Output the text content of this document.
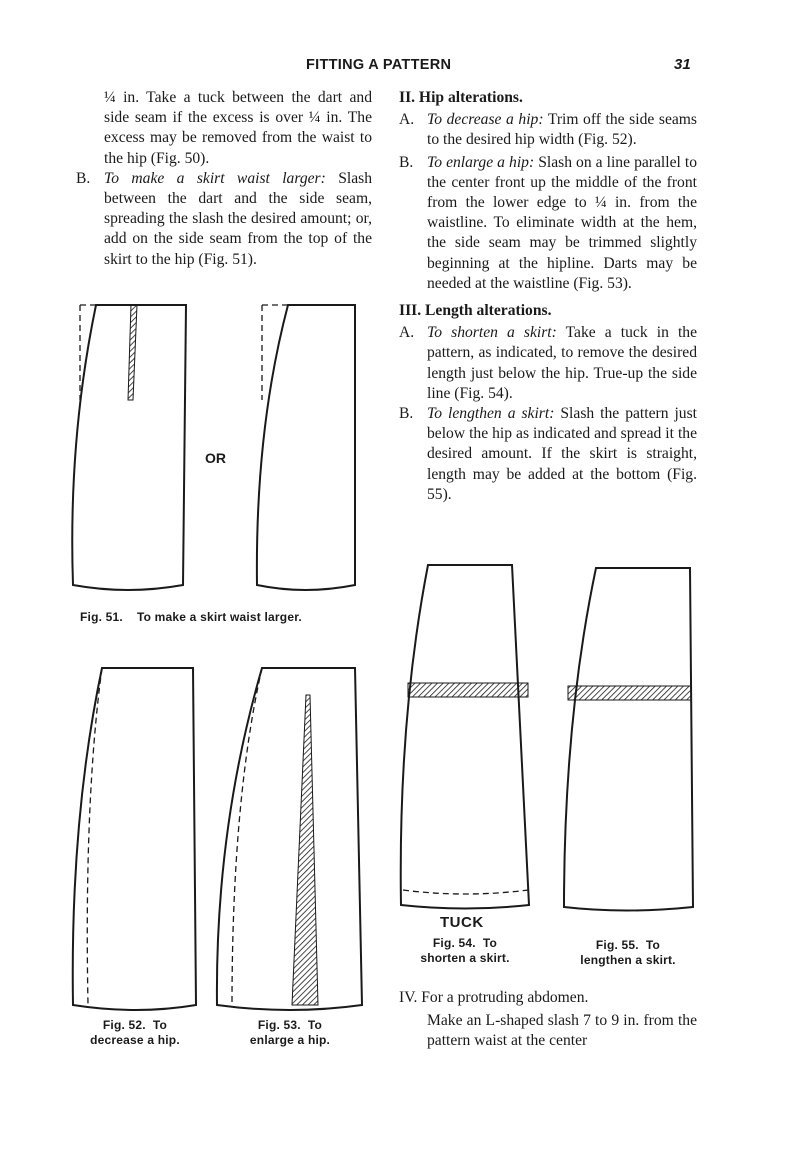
FITTING A PATTERN	31

¼ in. Take a tuck between the dart and side seam if the excess is over ¼ in. The excess may be removed from the waist to the hip (Fig. 50).

B. To make a skirt waist larger: Slash between the dart and the side seam, spreading the slash the desired amount; or, add on the side seam from the top of the skirt to the hip (Fig. 51).
II. Hip alterations.
A. To decrease a hip: Trim off the side seams to the desired hip width (Fig. 52).
B. To enlarge a hip: Slash on a line parallel to the center front up the middle of the front from the lower edge to ¼ in. from the waistline. To eliminate width at the hem, the side seam may be trimmed slightly beginning at the hipline. Darts may be needed at the waistline (Fig. 53).
III. Length alterations.
A. To shorten a skirt: Take a tuck in the pattern, as indicated, to remove the desired length just below the hip. True-up the side line (Fig. 54).
B. To lengthen a skirt: Slash the pattern just below the hip as indicated and spread it the desired amount. If the skirt is straight, length may be added at the bottom (Fig. 55).
IV. For a protruding abdomen.

Make an L-shaped slash 7 to 9 in. from the pattern waist at the center

OR
Fig. 51. To make a skirt waist larger.
Fig. 52. To
decrease a hip.
Fig. 53. To
enlarge a hip.
TUCK
Fig. 54. To
shorten a skirt.
Fig. 55. To
lengthen a skirt.
